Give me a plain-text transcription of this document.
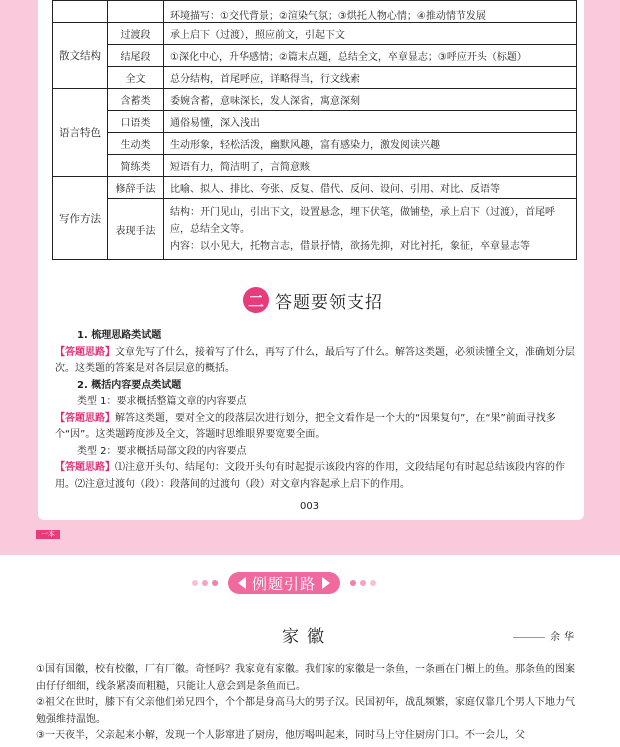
		环境描写：①交代背景；②渲染气氛；③烘托人物心情；④推动情节发展
散文结构	过渡段	承上启下（过渡），照应前文，引起下文
	结尾段	①深化中心，升华感情；②篇末点题，总结全文，卒章显志；③呼应开头（标题）
	全文	总分结构，首尾呼应，详略得当，行文线索
语言特色	含蓄类	委婉含蓄，意味深长，发人深省，寓意深刻
	口语类	通俗易懂，深入浅出
	生动类	生动形象，轻松活泼，幽默风趣，富有感染力，激发阅读兴趣
	简练类	短语有力，简洁明了，言简意赅
写作方法	修辞手法	比喻、拟人、排比、夸张、反复、借代、反问、设问、引用、对比、反语等
	表现手法	结构：开门见山，引出下文，设置悬念，埋下伏笔，做铺垫，承上启下（过渡），首尾呼应，总结全文等。
内容：以小见大，托物言志，借景抒情，欲扬先抑，对比衬托，象征，卒章显志等
二 答题要领支招
1. 梳理思路类试题
【答题思路】文章先写了什么，接着写了什么，再写了什么，最后写了什么。解答这类题，必须读懂全文，准确划分层次。这类题的答案是对各层层意的概括。
2. 概括内容要点类试题
类型 1：要求概括整篇文章的内容要点
【答题思路】解答这类题，要对全文的段落层次进行划分，把全文看作是一个大的“因果复句”，在“果”前面寻找多个“因”。这类题跨度涉及全文，答题时思维眼界要宽要全面。
类型 2：要求概括局部文段的内容要点
【答题思路】⑴注意开头句、结尾句：文段开头句有时起提示该段内容的作用，文段结尾句有时起总结该段内容的作用。⑵注意过渡句（段）：段落间的过渡句（段）对文章内容起承上启下的作用。
003
一本
例题引路
家徽	余华
①国有国徽，校有校徽，厂有厂徽。奇怪吗？我家竟有家徽。我们家的家徽是一条鱼，一条画在门楣上的鱼。那条鱼的图案由仔仔细细，线条紧凑而粗糙，只能让人意会到是条鱼而已。
②祖父在世时，膝下有父亲他们弟兄四个，个个都是身高马大的男子汉。民国初年，战乱频繁，家庭仅靠几个男人下地力气勉强维持温饱。
③一天夜半，父亲起来小解，发现一个人影窜进了厨房，他厉喝叫起来，同时马上守住厨房门口。不一会儿，父
